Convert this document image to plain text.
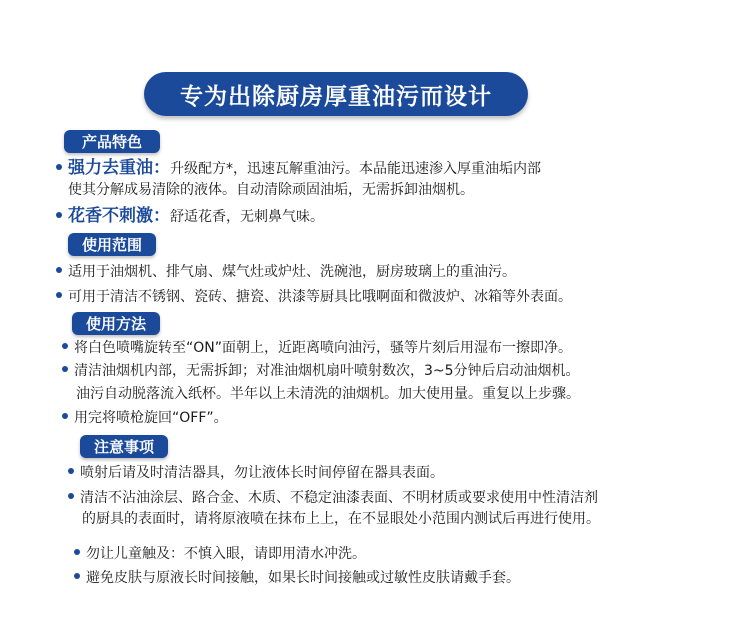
专为出除厨房厚重油污而设计
产品特色
强力去重油：升级配方*，迅速瓦解重油污。本品能迅速渗入厚重油垢内部
使其分解成易清除的液体。自动清除顽固油垢，无需拆卸油烟机。
花香不刺激：舒适花香，无刺鼻气味。
使用范围
适用于油烟机、排气扇、煤气灶或炉灶、洗碗池，厨房玻璃上的重油污。
可用于清洁不锈钢、瓷砖、搪瓷、洪漆等厨具比哦啊面和微波炉、冰箱等外表面。
使用方法
将白色喷嘴旋转至“ON”面朝上，近距离喷向油污，骚等片刻后用湿布一擦即净。
清洁油烟机内部，无需拆卸；对准油烟机扇叶喷射数次，3~5分钟后启动油烟机。
油污自动脱落流入纸杯。半年以上未清洗的油烟机。加大使用量。重复以上步骤。
用完将喷枪旋回“OFF”。
注意事项
喷射后请及时清洁器具，勿让液体长时间停留在器具表面。
清洁不沾油涂层、路合金、木质、不稳定油漆表面、不明材质或要求使用中性清洁剂
的厨具的表面时，请将原液喷在抹布上上，在不显眼处小范围内测试后再进行使用。
勿让儿童触及：不慎入眼，请即用清水冲洗。
避免皮肤与原液长时间接触，如果长时间接触或过敏性皮肤请戴手套。
